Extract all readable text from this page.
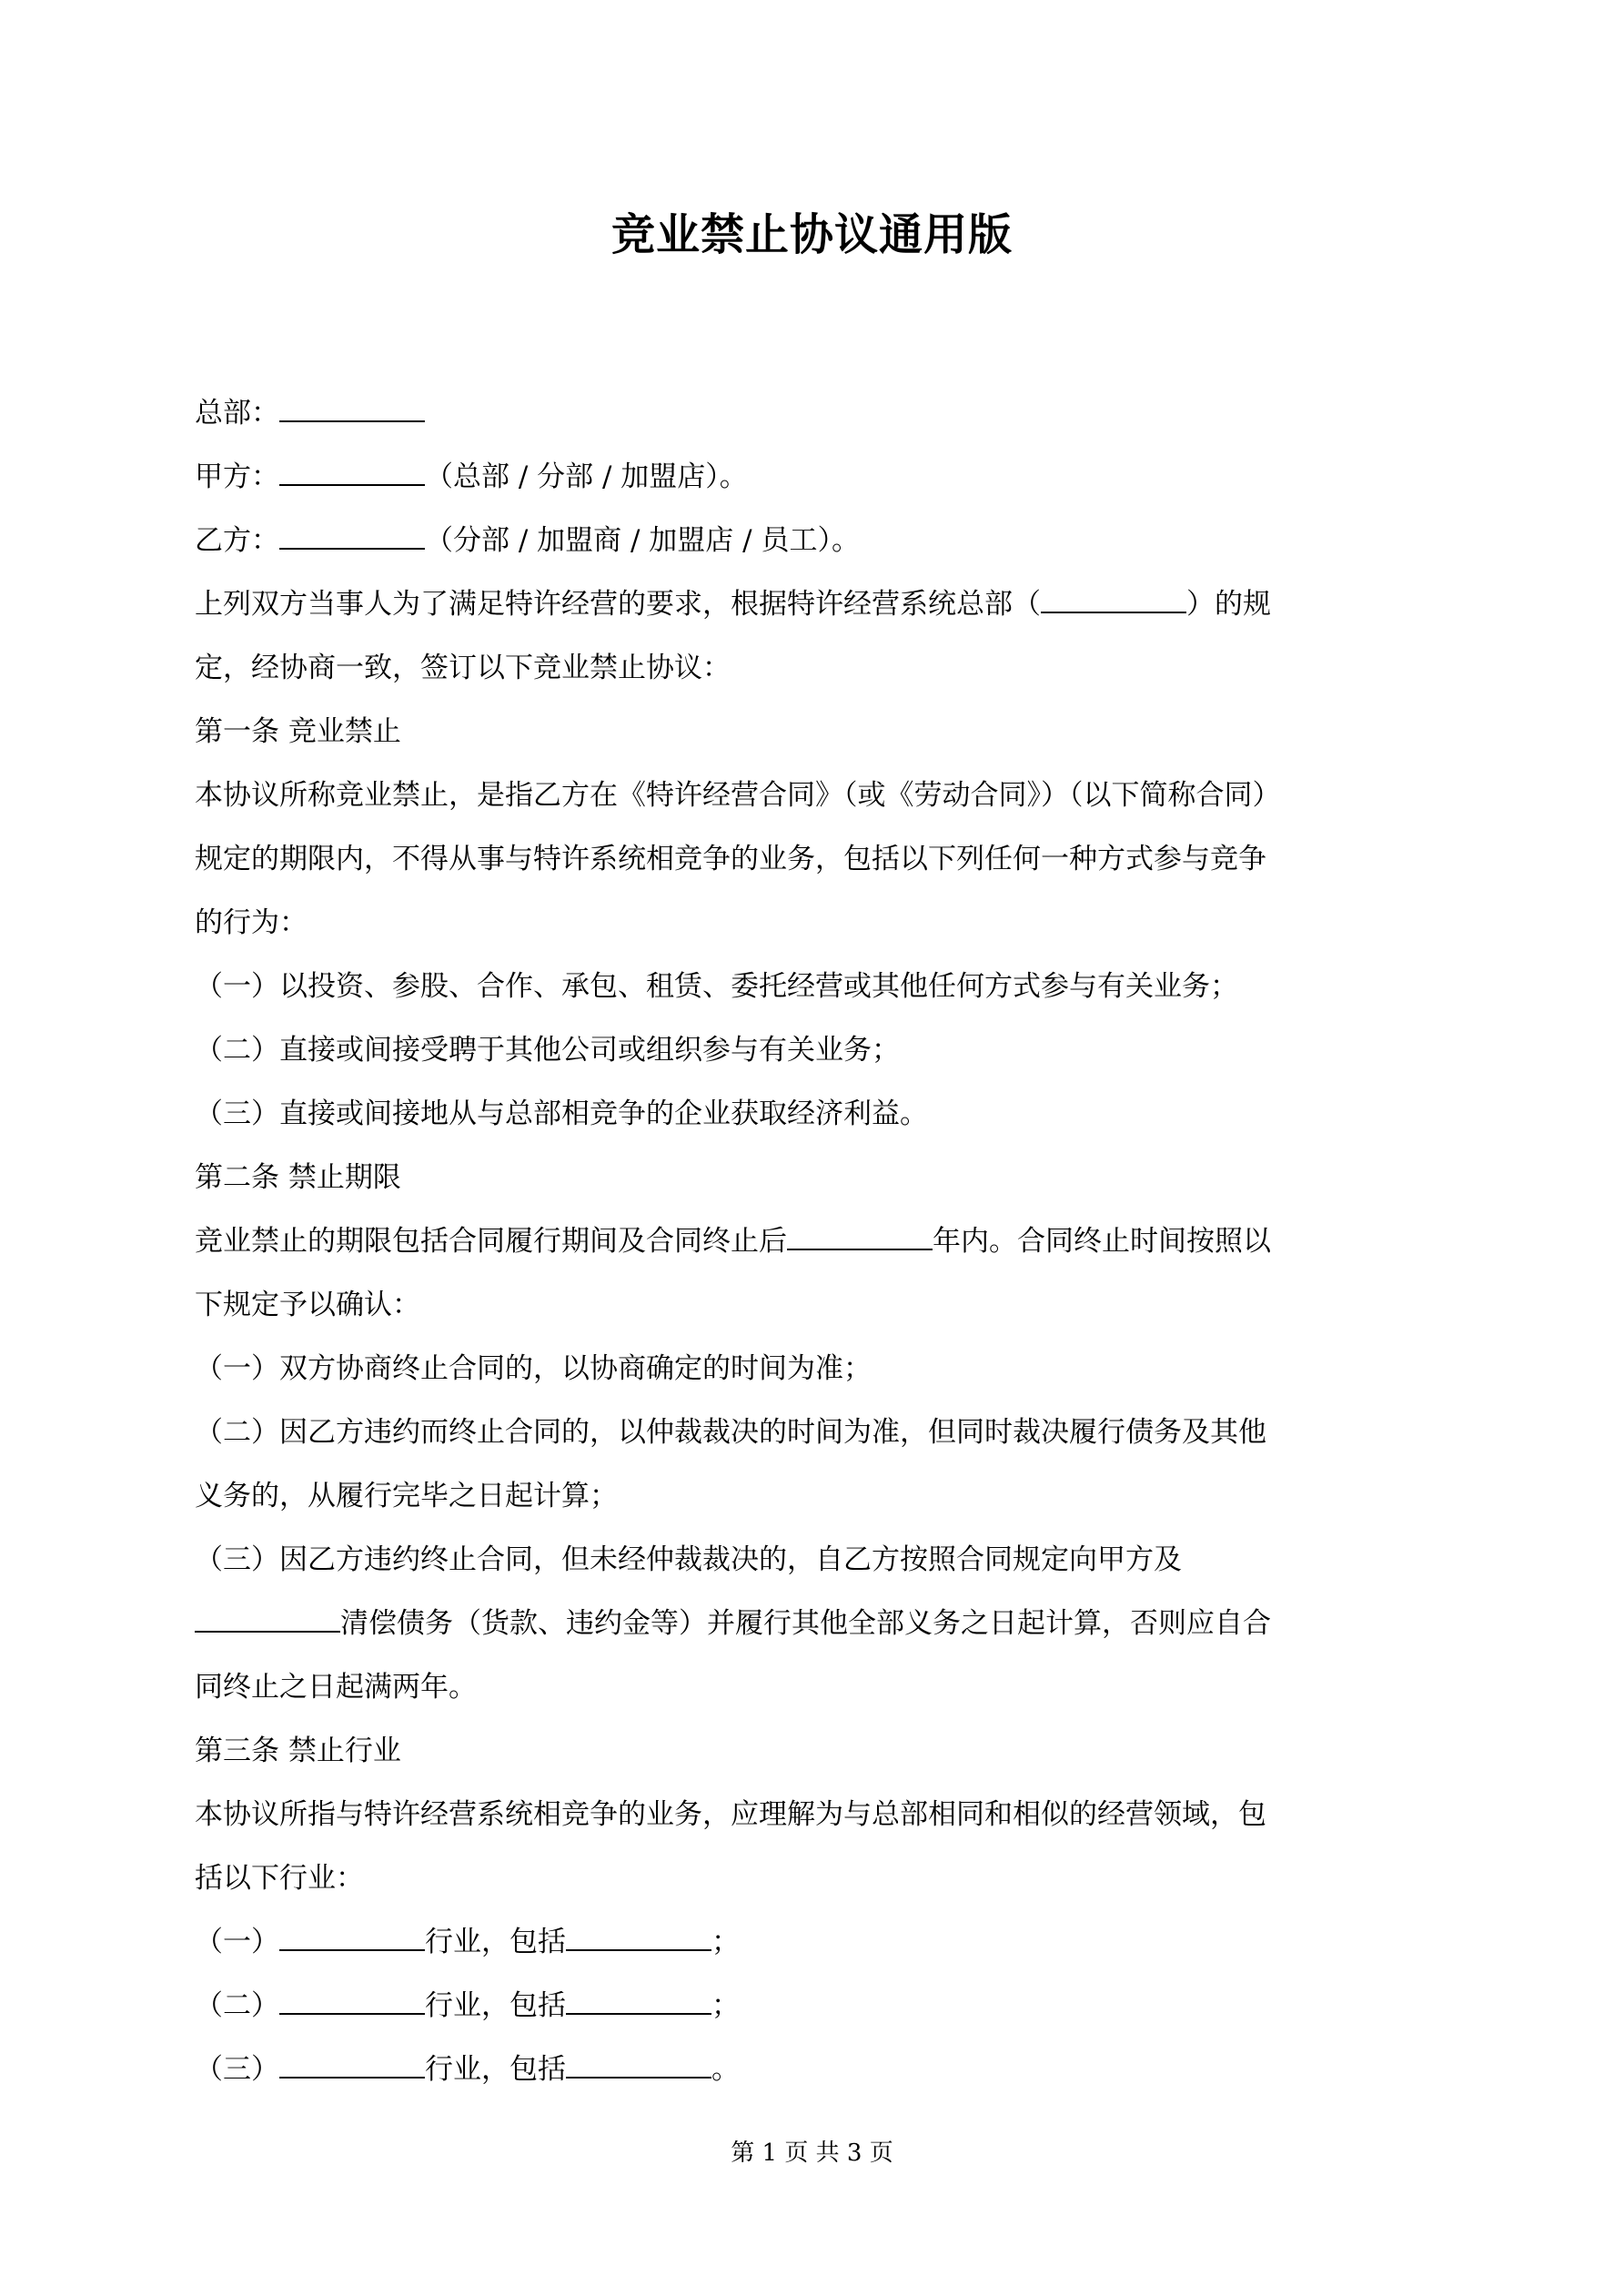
竞业禁止协议通用版
总部：
甲方：	（总部 / 分部 / 加盟店）。
乙方：	（分部 / 加盟商 / 加盟店 / 员工）。
上列双方当事人为了满足特许经营的要求，根据特许经营系统总部（	）的规
定，经协商一致，签订以下竞业禁止协议：
第一条 竞业禁止
本协议所称竞业禁止，是指乙方在《特许经营合同》（或《劳动合同》）（以下简称合同）
规定的期限内，不得从事与特许系统相竞争的业务，包括以下列任何一种方式参与竞争
的行为：
（一）以投资、参股、合作、承包、租赁、委托经营或其他任何方式参与有关业务；
（二）直接或间接受聘于其他公司或组织参与有关业务；
（三）直接或间接地从与总部相竞争的企业获取经济利益。
第二条 禁止期限
竞业禁止的期限包括合同履行期间及合同终止后	年内。合同终止时间按照以
下规定予以确认：
（一）双方协商终止合同的，以协商确定的时间为准；
（二）因乙方违约而终止合同的，以仲裁裁决的时间为准，但同时裁决履行债务及其他
义务的，从履行完毕之日起计算；
（三）因乙方违约终止合同，但未经仲裁裁决的，自乙方按照合同规定向甲方及
清偿债务（货款、违约金等）并履行其他全部义务之日起计算，否则应自合
同终止之日起满两年。
第三条 禁止行业
本协议所指与特许经营系统相竞争的业务，应理解为与总部相同和相似的经营领域，包
括以下行业：
（一）	行业，包括	；
（二）	行业，包括	；
（三）	行业，包括	。
第 1 页 共 3 页
